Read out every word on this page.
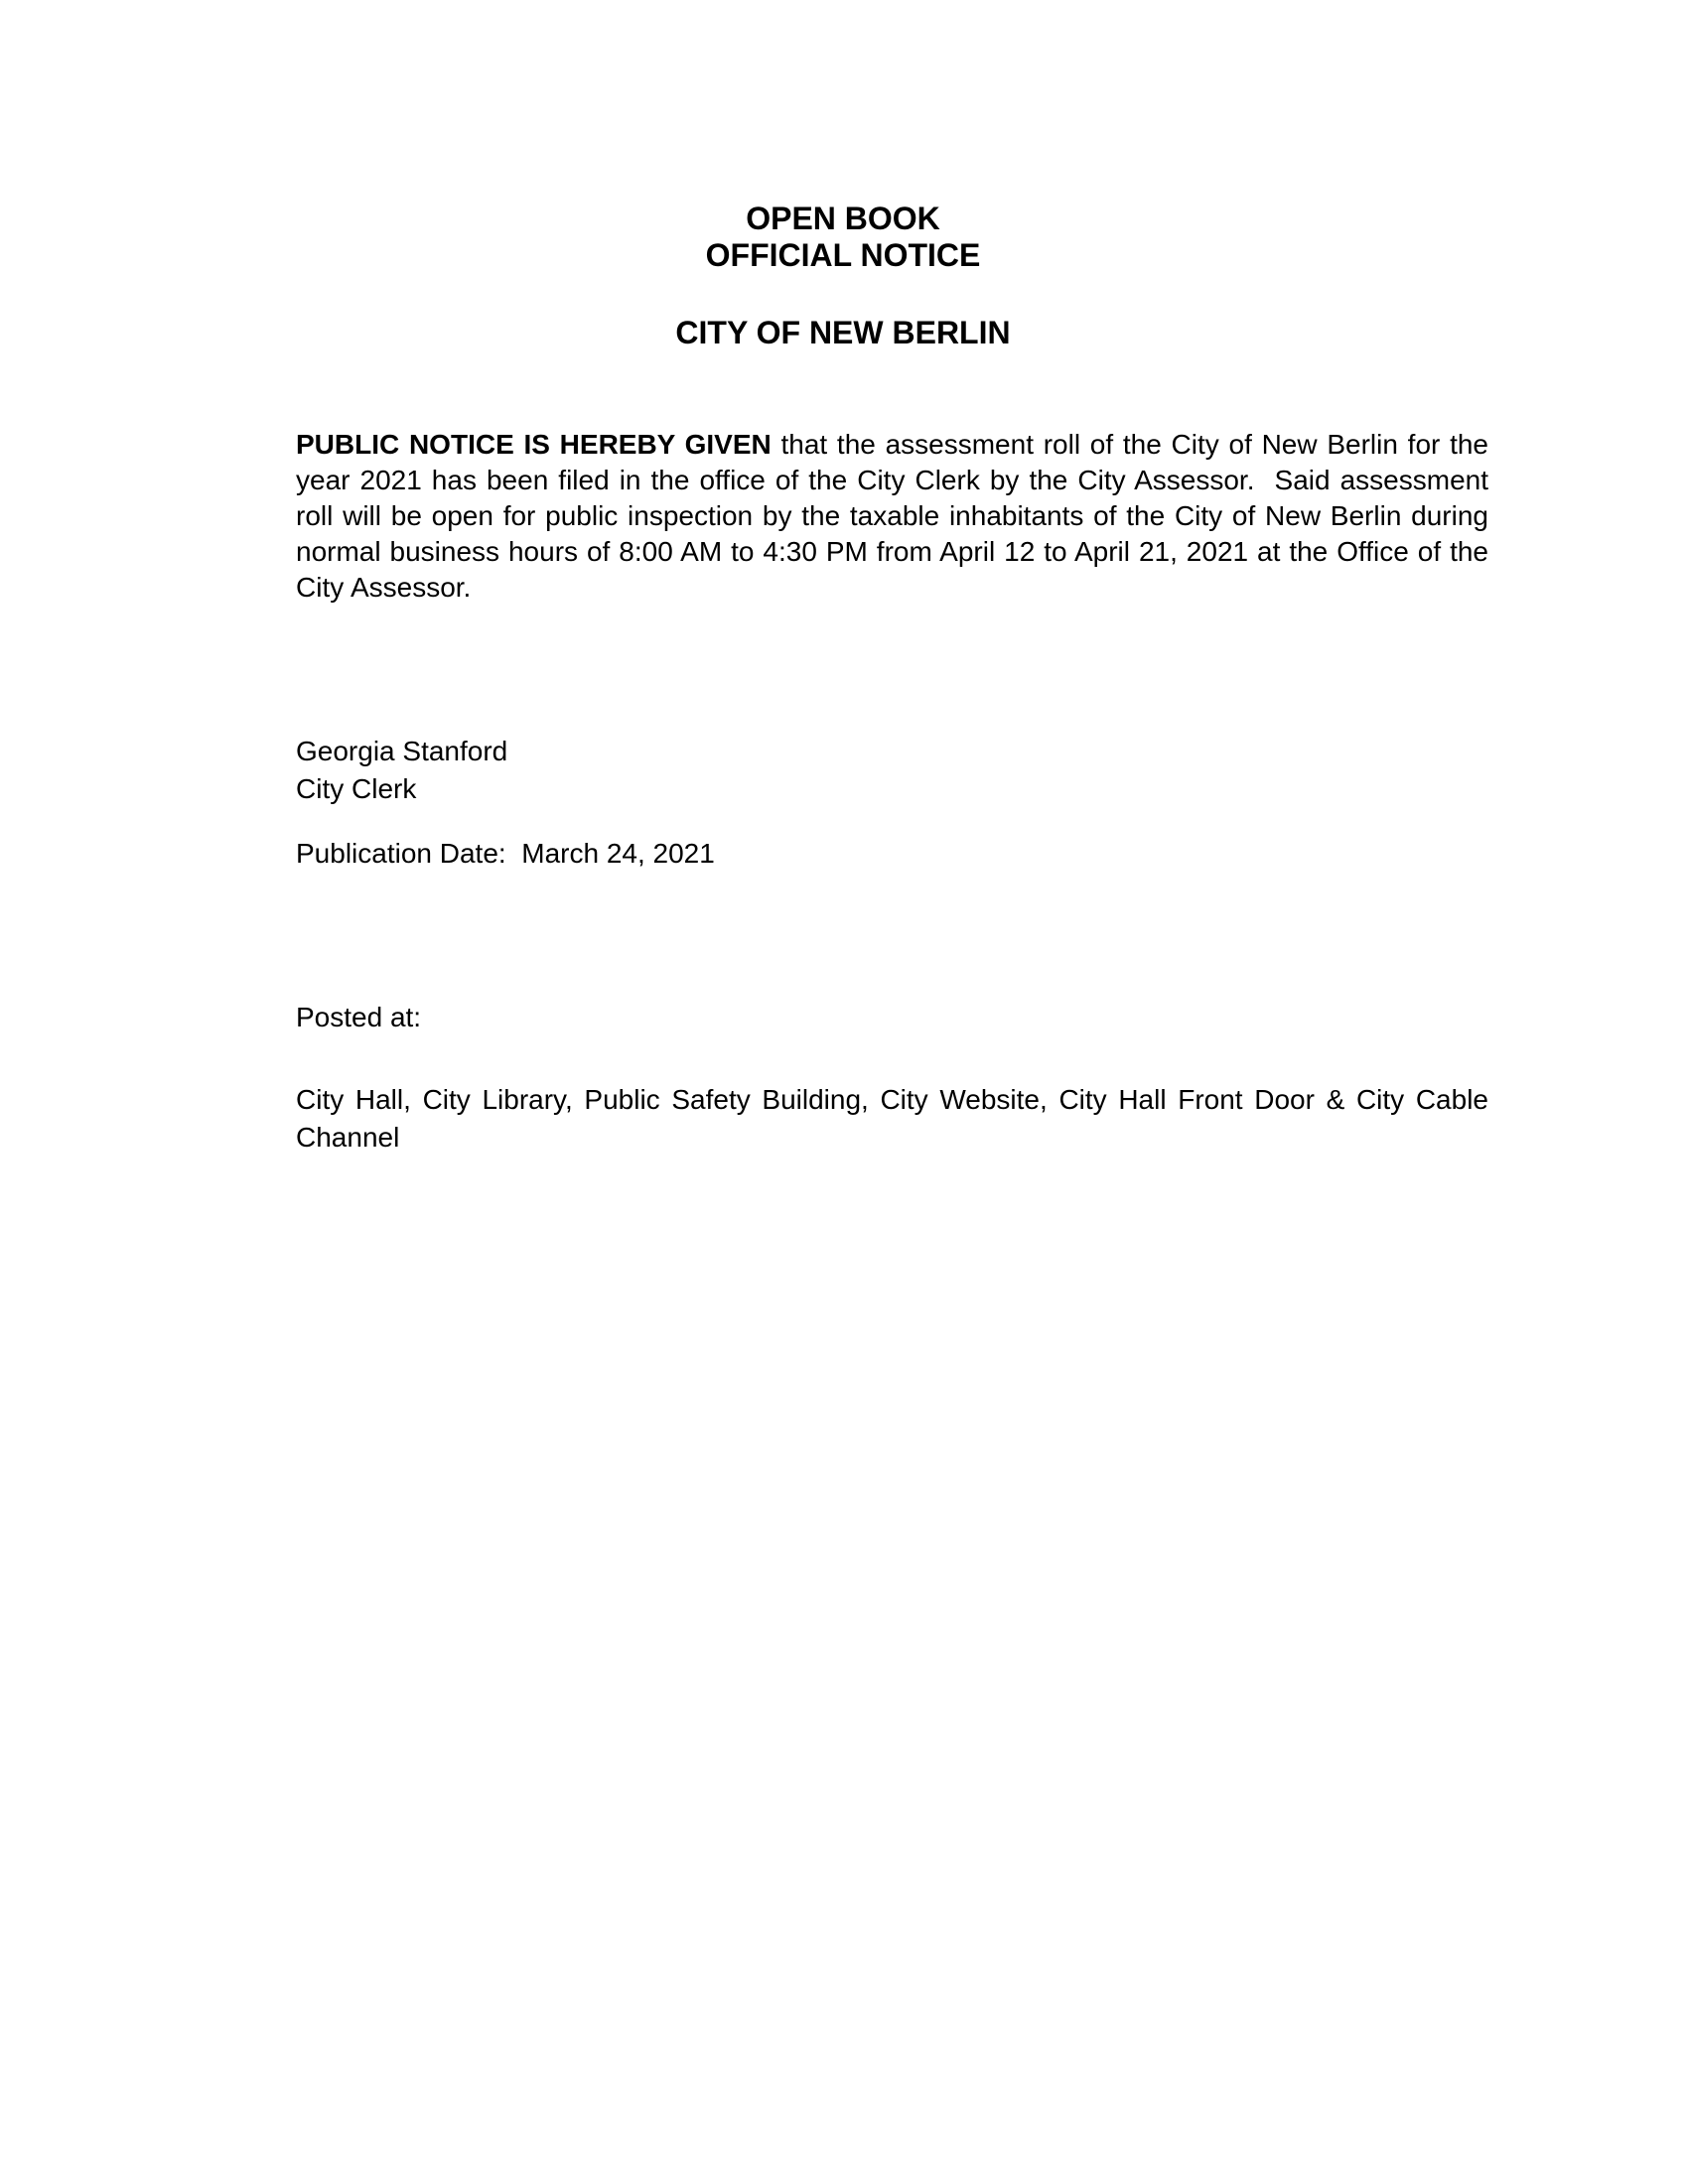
OPEN BOOK
OFFICIAL NOTICE
CITY OF NEW BERLIN

PUBLIC NOTICE IS HEREBY GIVEN that the assessment roll of the City of New Berlin for the year 2021 has been filed in the office of the City Clerk by the City Assessor.  Said assessment roll will be open for public inspection by the taxable inhabitants of the City of New Berlin during normal business hours of 8:00 AM to 4:30 PM from April 12 to April 21, 2021 at the Office of the City Assessor.

Georgia Stanford
City Clerk

Publication Date: March 24, 2021

Posted at:

City Hall, City Library, Public Safety Building, City Website, City Hall Front Door & City Cable Channel
